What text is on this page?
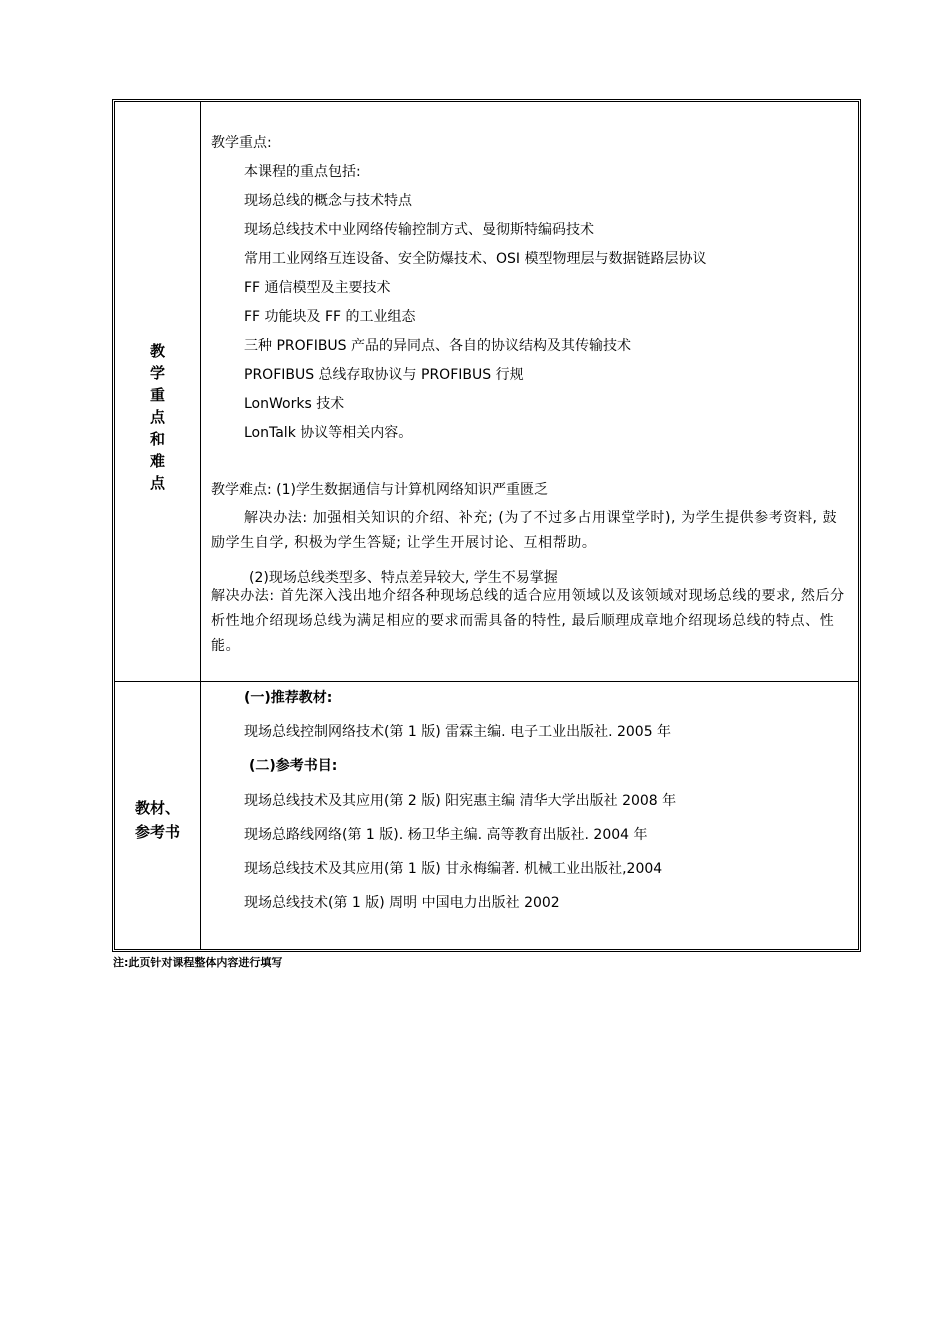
教学重点和难点
教学重点:
本课程的重点包括:
现场总线的概念与技术特点
现场总线技术中业网络传输控制方式、曼彻斯特编码技术
常用工业网络互连设备、安全防爆技术、OSI 模型物理层与数据链路层协议
FF 通信模型及主要技术
FF 功能块及 FF 的工业组态
三种 PROFIBUS 产品的异同点、各自的协议结构及其传输技术
PROFIBUS 总线存取协议与 PROFIBUS 行规
LonWorks 技术
LonTalk 协议等相关内容。
教学难点: (1)学生数据通信与计算机网络知识严重匮乏
解决办法: 加强相关知识的介绍、补充; (为了不过多占用课堂学时), 为学生提供参考资料, 鼓励学生自学, 积极为学生答疑; 让学生开展讨论、互相帮助。
(2)现场总线类型多、特点差异较大, 学生不易掌握
解决办法: 首先深入浅出地介绍各种现场总线的适合应用领域以及该领域对现场总线的要求, 然后分析性地介绍现场总线为满足相应的要求而需具备的特性, 最后顺理成章地介绍现场总线的特点、性能。
教材、
参考书
(一)推荐教材:
现场总线控制网络技术(第 1 版) 雷霖主编. 电子工业出版社. 2005 年
(二)参考书目:
现场总线技术及其应用(第 2 版) 阳宪惠主编 清华大学出版社 2008 年
现场总路线网络(第 1 版). 杨卫华主编. 高等教育出版社. 2004 年
现场总线技术及其应用(第 1 版) 甘永梅编著. 机械工业出版社,2004
现场总线技术(第 1 版) 周明 中国电力出版社 2002
注:此页针对课程整体内容进行填写
